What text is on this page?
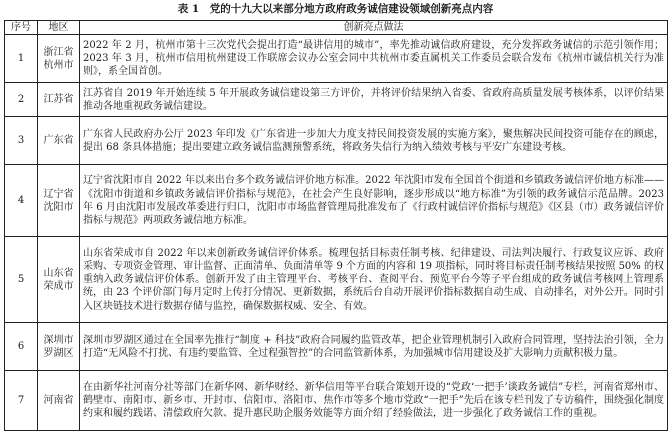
表 1　党的十九大以来部分地方政府政务诚信建设领域创新亮点内容
序号	地区	创新亮点做法
1	浙江省杭州市	2022 年 2 月，杭州市第十三次党代会提出打造“最讲信用的城市”，率先推动诚信政府建设，充分发挥政务诚信的示范引领作用；2023 年 3 月，杭州市信用杭州建设工作联席会议办公室会同中共杭州市委直属机关工作委员会联合发布《杭州市诚信机关行为准则》，系全国首创。
2	江苏省	江苏省自 2019 年开始连续 5 年开展政务诚信建设第三方评价，并将评价结果纳入省委、省政府高质量发展考核体系，以评价结果推动各地重视政务诚信建设。
3	广东省	广东省人民政府办公厅 2023 年印发《广东省进一步加大力度支持民间投资发展的实施方案》，聚焦解决民间投资可能存在的顾虑，提出 68 条具体措施；提出要建立政务诚信监测预警系统，将政务失信行为纳入绩效考核与平安广东建设考核。
4	辽宁省沈阳市	辽宁省沈阳市自 2022 年以来出台多个政务诚信评价地方标准。2022 年沈阳市发布全国首个街道和乡镇政务诚信评价地方标准——《沈阳市街道和乡镇政务诚信评价指标与规范》，在社会产生良好影响，逐步形成以“地方标准”为引领的政务诚信示范品牌。2023 年 6 月由沈阳市发展改革委进行归口，沈阳市市场监督管理局批准发布了《行政村诚信评价指标与规范》《区县（市）政务诚信评价指标与规范》两项政务诚信地方标准。
5	山东省荣成市	山东省荣成市自 2022 年以来创新政务诚信评价体系。梳理包括目标责任制考核、纪律建设、司法判决履行、行政复议应诉、政府采购、专项资金管理、审计监督、正面清单、负面清单等 9 个方面的内容和 19 项指标，同时将目标责任制考核结果按照 50% 的权重纳入政务诚信评价体系。创新开发了由主管理平台、考核平台、查阅平台、预览平台今等子平台组成的政务诚信考核网上管理系统，由 23 个评价部门每月定时上传打分情况、更新数据，系统后台自动开展评价指标数据自动生成、自动排名，对外公开。同时引入区块链技术进行数据存储与监控，确保数据权威、安全、有效。
6	深圳市罗湖区	深圳市罗湖区通过在全国率先推行“制度 + 科技”政府合同履约监管改革，把企业管理机制引入政府合同管理，坚持法治引领，全力打造“无风险不打扰、有违约要监管、全过程强智控”的合同监管新体系，为加强城市信用建设及扩大影响力贡献积极力量。
7	河南省	在由新华社河南分社等部门在新华网、新华财经、新华信用等平台联合策划开设的“党政‘一把手’谈政务诚信”专栏，河南省郑州市、鹤壁市、南阳市、新乡市、开封市、信阳市、洛阳市、焦作市等多个地市党政“一把手”先后在该专栏刊发了专访稿件，围绕强化制度约束和履约践诺、清偿政府欠款、提升惠民助企服务效能等方面介绍了经验做法，进一步强化了政务诚信工作的重视。
